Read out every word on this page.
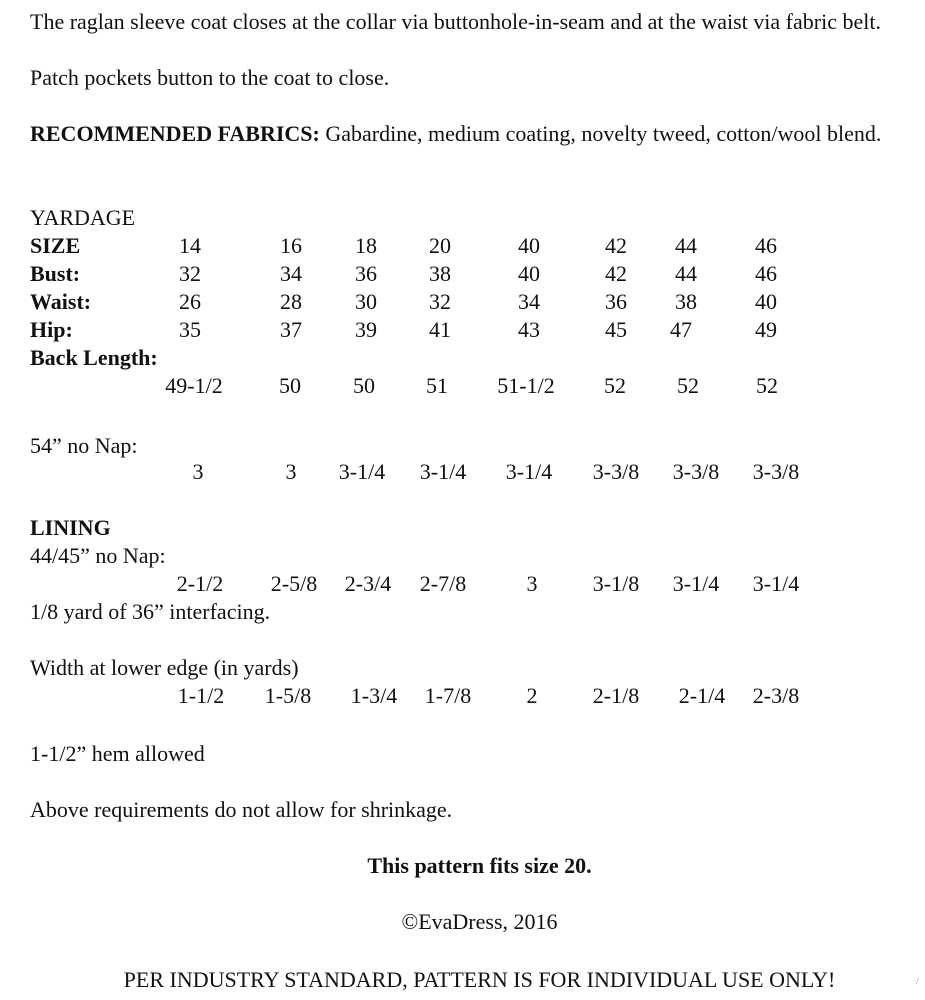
The raglan sleeve coat closes at the collar via buttonhole-in-seam and at the waist via fabric belt.
Patch pockets button to the coat to close.
RECOMMENDED FABRICS: Gabardine, medium coating, novelty tweed, cotton/wool blend.
YARDAGE
SIZE	14	16	18	20	40	42	44	46
Bust:	32	34	36	38	40	42	44	46
Waist:	26	28	30	32	34	36	38	40
Hip:	35	37	39	41	43	45	47	49
Back Length:
49-1/2	50	50	51	51-1/2	52	52	52
54” no Nap:
3	3	3-1/4	3-1/4	3-1/4	3-3/8	3-3/8	3-3/8
LINING
44/45” no Nap:
2-1/2	2-5/8	2-3/4	2-7/8	3	3-1/8	3-1/4	3-1/4
1/8 yard of 36” interfacing.
Width at lower edge (in yards)
1-1/2	1-5/8	1-3/4	1-7/8	2	2-1/8	2-1/4	2-3/8
1-1/2” hem allowed
Above requirements do not allow for shrinkage.
This pattern fits size 20.
©EvaDress, 2016
PER INDUSTRY STANDARD, PATTERN IS FOR INDIVIDUAL USE ONLY!	/
